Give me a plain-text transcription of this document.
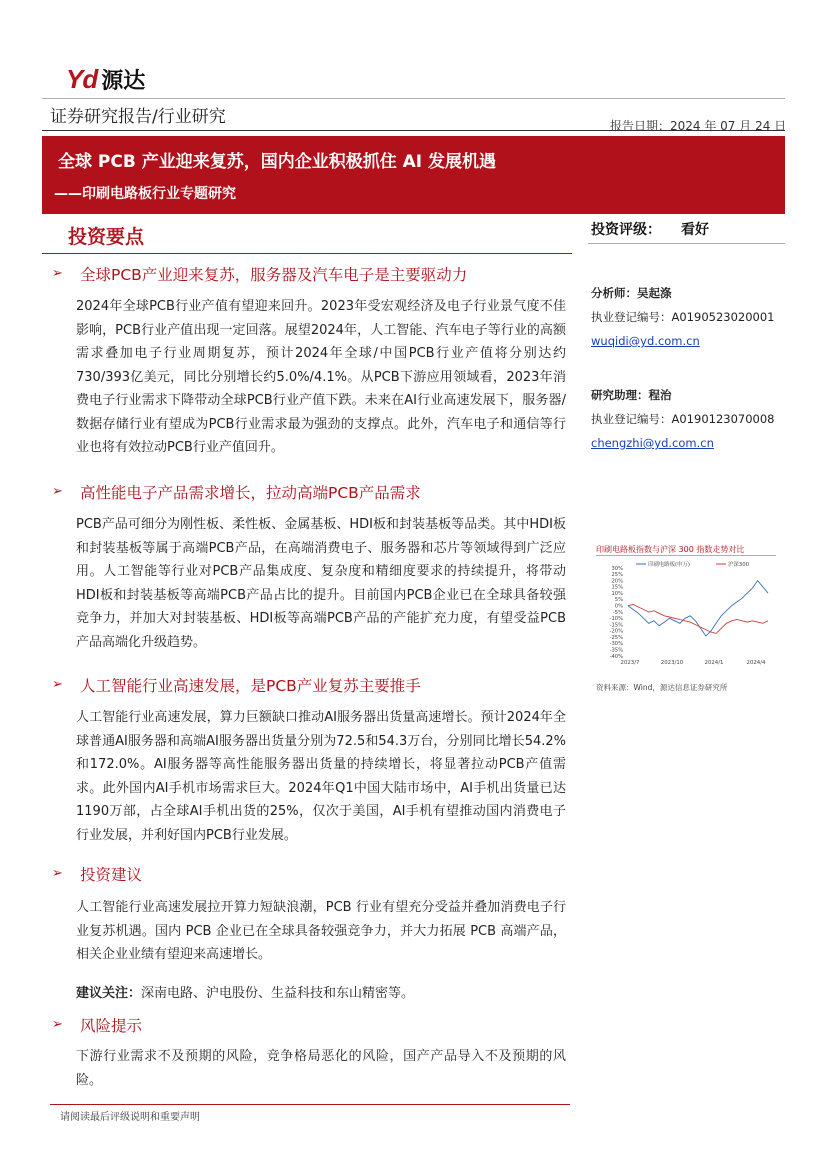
Yd 源达
证券研究报告/行业研究	报告日期：2024 年 07 月 24 日
全球 PCB 产业迎来复苏，国内企业积极抓住 AI 发展机遇
——印刷电路板行业专题研究
投资要点
➢ 全球PCB产业迎来复苏，服务器及汽车电子是主要驱动力
2024年全球PCB行业产值有望迎来回升。2023年受宏观经济及电子行业景气度不佳影响，PCB行业产值出现一定回落。展望2024年，人工智能、汽车电子等行业的高额需求叠加电子行业周期复苏，预计2024年全球/中国PCB行业产值将分别达约730/393亿美元，同比分别增长约5.0%/4.1%。从PCB下游应用领域看，2023年消费电子行业需求下降带动全球PCB行业产值下跌。未来在AI行业高速发展下，服务器/数据存储行业有望成为PCB行业需求最为强劲的支撑点。此外，汽车电子和通信等行业也将有效拉动PCB行业产值回升。
➢ 高性能电子产品需求增长，拉动高端PCB产品需求
PCB产品可细分为刚性板、柔性板、金属基板、HDI板和封装基板等品类。其中HDI板和封装基板等属于高端PCB产品，在高端消费电子、服务器和芯片等领域得到广泛应用。人工智能等行业对PCB产品集成度、复杂度和精细度要求的持续提升，将带动HDI板和封装基板等高端PCB产品占比的提升。目前国内PCB企业已在全球具备较强竞争力，并加大对封装基板、HDI板等高端PCB产品的产能扩充力度，有望受益PCB产品高端化升级趋势。
➢ 人工智能行业高速发展，是PCB产业复苏主要推手
人工智能行业高速发展，算力巨额缺口推动AI服务器出货量高速增长。预计2024年全球普通AI服务器和高端AI服务器出货量分别为72.5和54.3万台，分别同比增长54.2%和172.0%。AI服务器等高性能服务器出货量的持续增长，将显著拉动PCB产值需求。此外国内AI手机市场需求巨大。2024年Q1中国大陆市场中，AI手机出货量已达1190万部，占全球AI手机出货的25%，仅次于美国，AI手机有望推动国内消费电子行业发展，并利好国内PCB行业发展。
➢ 投资建议
人工智能行业高速发展拉开算力短缺浪潮，PCB 行业有望充分受益并叠加消费电子行业复苏机遇。国内 PCB 企业已在全球具备较强竞争力，并大力拓展 PCB 高端产品，相关企业业绩有望迎来高速增长。
建议关注：深南电路、沪电股份、生益科技和东山精密等。
➢ 风险提示
下游行业需求不及预期的风险，竞争格局恶化的风险，国产产品导入不及预期的风险。
投资评级： 看好
分析师：吴起涤
执业登记编号：A0190523020001
wuqidi@yd.com.cn
研究助理：程治
执业登记编号：A0190123070008
chengzhi@yd.com.cn
印刷电路板指数与沪深 300 指数走势对比
30%
25%
20%
15%
10%
5%
0%
-5%
-10%
-15%
-20%
-25%
-30%
-35%
-40%
2023/7	2023/10	2024/1	2024/4
印刷电路板(申万)	沪深300
资料来源：Wind，源达信息证券研究所
请阅读最后评级说明和重要声明
